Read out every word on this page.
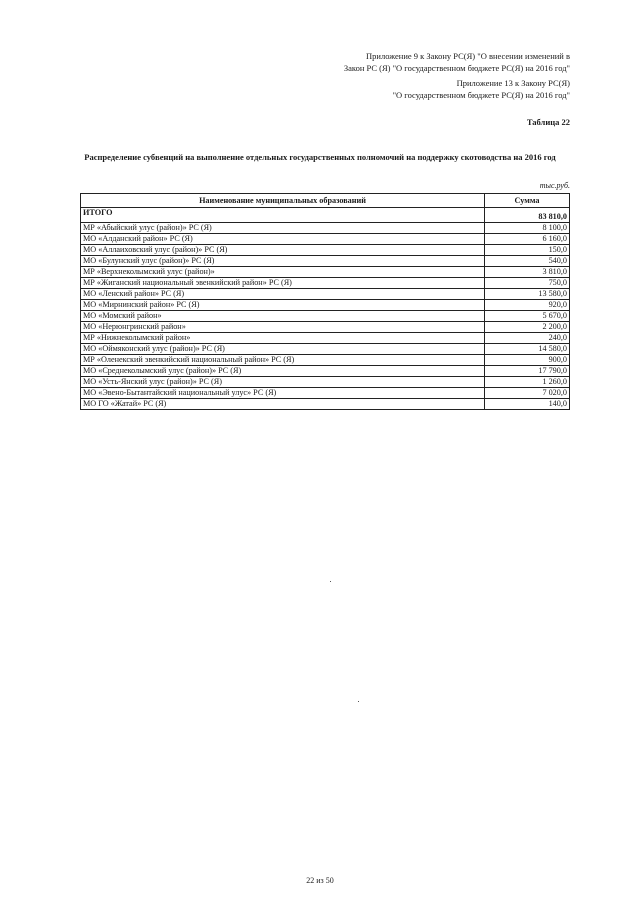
Приложение 9 к Закону РС(Я) "О внесении изменений в
Закон РС (Я) "О государственном бюджете РС(Я) на 2016 год"
Приложение 13 к Закону РС(Я)
"О государственном бюджете РС(Я) на 2016 год"
Таблица 22
Распределение субвенций на выполнение отдельных государственных полномочий на поддержку скотоводства на 2016 год
тыс.руб.
Наименование муниципальных образований	Сумма
ИТОГО	83 810,0
МР «Абыйский улус (район)» РС (Я)	8 100,0
МО «Алданский район» РС (Я)	6 160,0
МО «Аллаиховский улус (район)» РС (Я)	150,0
МО «Булунский улус (район)» РС (Я)	540,0
МР «Верхнеколымский улус (район)»	3 810,0
МР «Жиганский национальный эвенкийский район» РС (Я)	750,0
МО «Ленский район» РС (Я)	13 580,0
МО «Мирнинский район» РС (Я)	920,0
МО «Момский район»	5 670,0
МО «Нерюнгринский район»	2 200,0
МР «Нижнеколымский район»	240,0
МО «Оймяконский улус (район)» РС (Я)	14 580,0
МР «Оленекский эвенкийский национальный район» РС (Я)	900,0
МО «Среднеколымский улус (район)» РС (Я)	17 790,0
МО «Усть-Янский улус (район)» РС (Я)	1 260,0
МО «Эвено-Бытантайский национальный улус» РС (Я)	7 020,0
МО ГО «Жатай» РС (Я)	140,0
22 из 50
